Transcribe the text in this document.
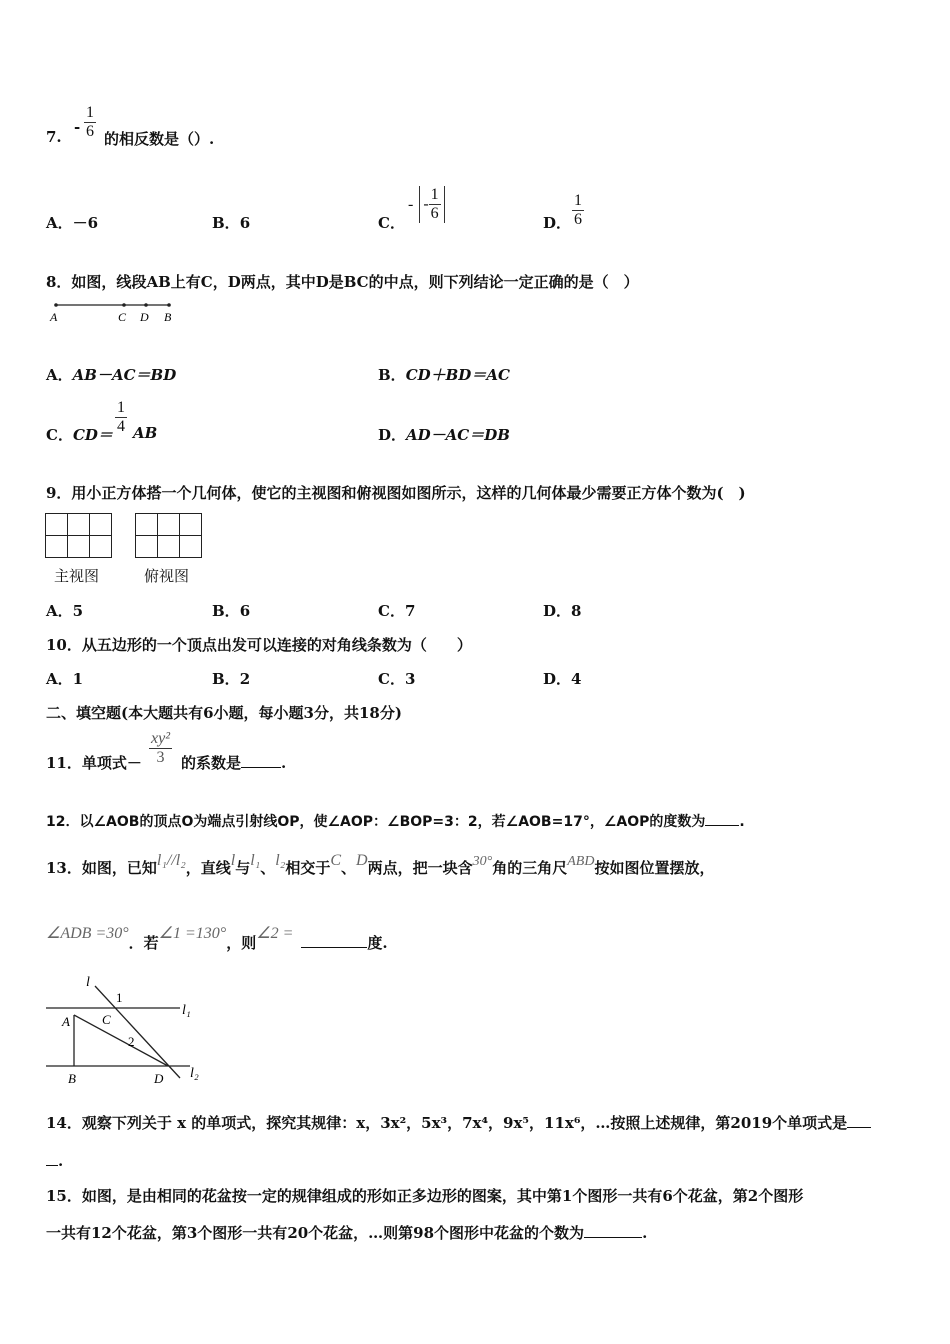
7.
- $\frac{1}{6}$ 的相反数是（）.
A．－6	B．6	C．
- - $\frac{1}{6}$	D． $\frac{1}{6}$
8．如图，线段AB上有C，D两点，其中D是BC的中点，则下列结论一定正确的是（　）
A	C D B
A．AB－AC＝BD	B．CD＋BD＝AC
C．$CD= \frac{1}{4}$ AB	D．AD－AC＝DB
9．用小正方体搭一个几何体，使它的主视图和俯视图如图所示，这样的几何体最少需要正方体个数为(　)

主视图	俯视图
A．5	B．6	C．7	D．8
10．从五边形的一个顶点出发可以连接的对角线条数为（　　）
A．1	B．2	C．3	D．4
二、填空题(本大题共有6小题，每小题3分，共18分)
11．单项式－ $\frac{\text{xy²}}{3}$ 的系数是	.
12．以∠AOB的顶点O为端点引射线OP，使∠AOP：∠BOP=3：2，若∠AOB=17°，∠AOP的度数为 .
13．如图，已知l₁//l₂，直线l与l₁、l₂相交于C、D两点，把一块含30°角的三角尺ABD按如图位置摆放，
∠ADB =30°．若∠1 =130°，则∠2 =度.
l
1
l₁
A C
2
B	D l₂
14．观察下列关于 x 的单项式，探究其规律：x，3x²，5x³，7x⁴，9x⁵，11x⁶，…按照上述规律，第2019个单项式是
.
15．如图，是由相同的花盆按一定的规律组成的形如正多边形的图案，其中第1个图形一共有6个花盆，第2个图形
一共有12个花盆，第3个图形一共有20个花盆，…则第98个图形中花盆的个数为	.
